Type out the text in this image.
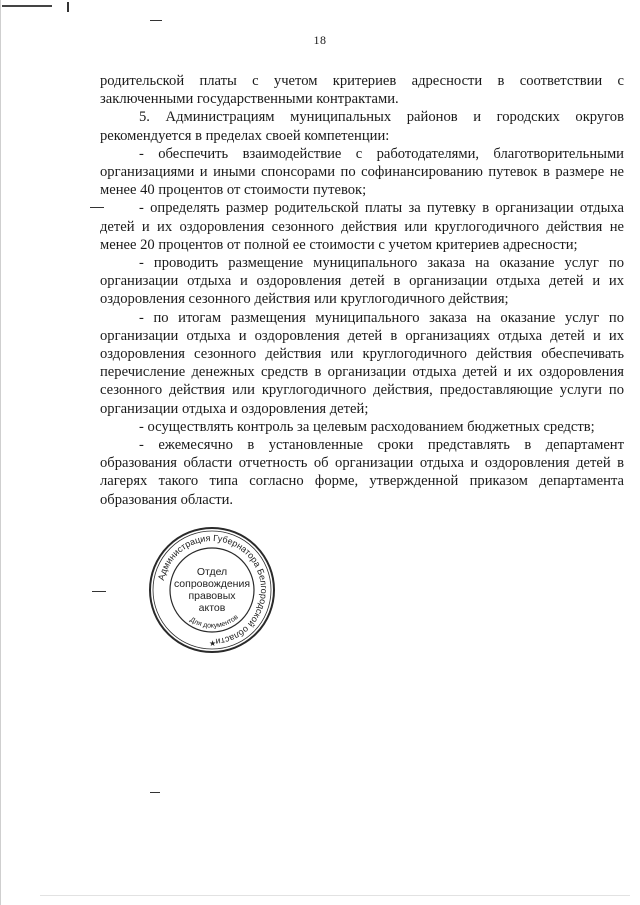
18

родительской платы с учетом критериев адресности в соответствии с заключенными государственными контрактами.

5. Администрациям муниципальных районов и городских округов рекомендуется в пределах своей компетенции:

- обеспечить взаимодействие с работодателями, благотворительными организациями и иными спонсорами по софинансированию путевок в размере не менее 40 процентов от стоимости путевок;

- определять размер родительской платы за путевку в организации отдыха детей и их оздоровления сезонного действия или круглогодичного действия не менее 20 процентов от полной ее стоимости с учетом критериев адресности;

- проводить размещение муниципального заказа на оказание услуг по организации отдыха и оздоровления детей в организации отдыха детей и их оздоровления сезонного действия или круглогодичного действия;

- по итогам размещения муниципального заказа на оказание услуг по организации отдыха и оздоровления детей в организациях отдыха детей и их оздоровления сезонного действия или круглогодичного действия обеспечивать перечисление денежных средств в организации отдыха детей и их оздоровления сезонного действия или круглогодичного действия, предоставляющие услуги по организации отдыха и оздоровления детей;

- осуществлять контроль за целевым расходованием бюджетных средств;

- ежемесячно в установленные сроки представлять в департамент образования области отчетность об организации отдыха и оздоровления детей в лагерях такого типа согласно форме, утвержденной приказом департамента образования области.

Администрация Губернатора Белгородской области
Для документов
★
Отдел
сопровождения
правовых
актов
